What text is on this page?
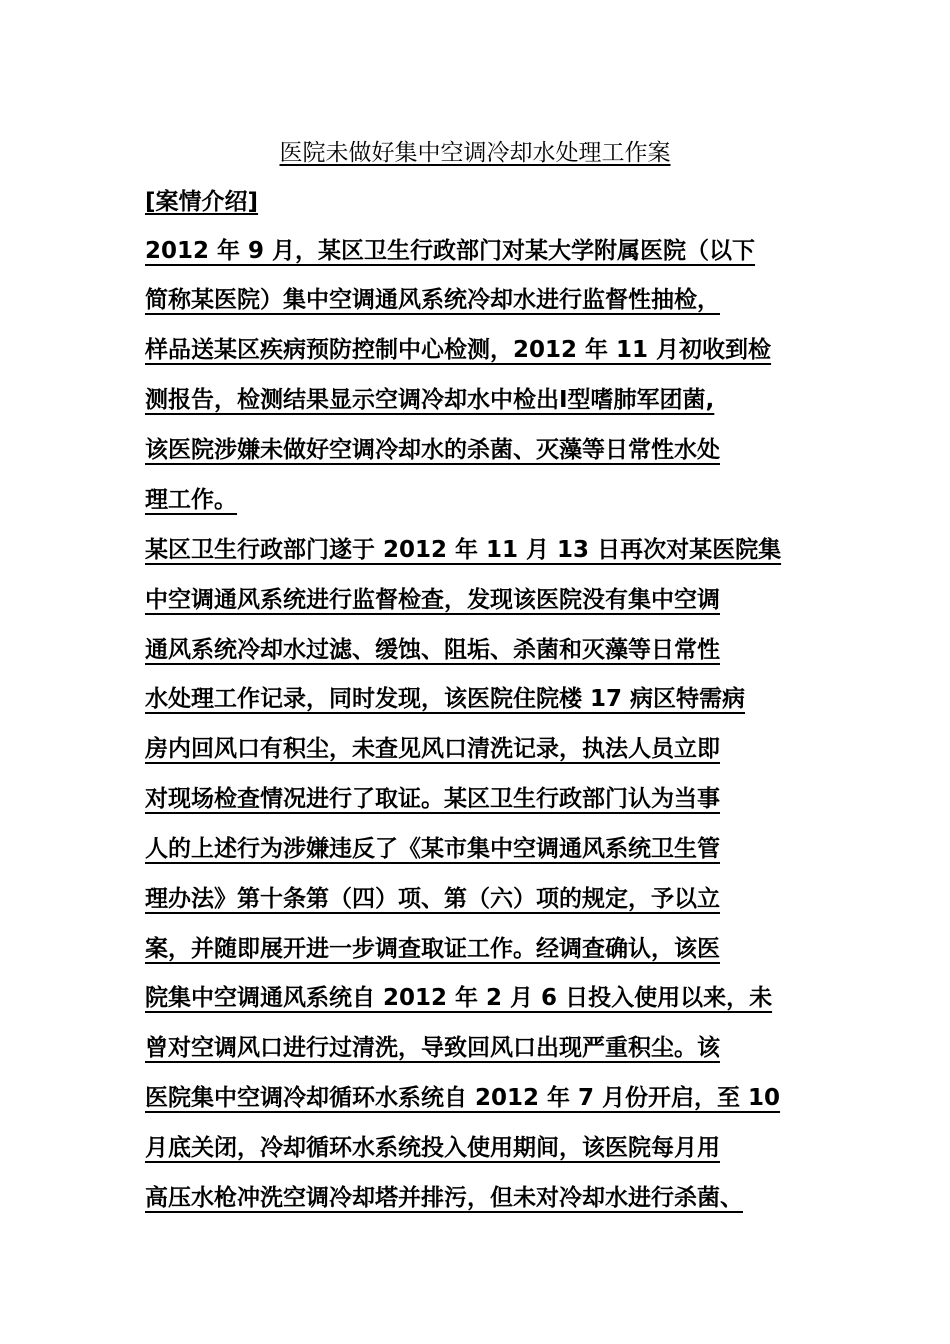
医院未做好集中空调冷却水处理工作案
[案情介绍]
2012 年 9 月，某区卫生行政部门对某大学附属医院（以下
简称某医院）集中空调通风系统冷却水进行监督性抽检，
样品送某区疾病预防控制中心检测，2012 年 11 月初收到检
测报告，检测结果显示空调冷却水中检出Ⅰ型嗜肺军团菌,
该医院涉嫌未做好空调冷却水的杀菌、灭藻等日常性水处
理工作。
某区卫生行政部门遂于 2012 年 11 月 13 日再次对某医院集
中空调通风系统进行监督检查，发现该医院没有集中空调
通风系统冷却水过滤、缓蚀、阻垢、杀菌和灭藻等日常性
水处理工作记录，同时发现，该医院住院楼 17 病区特需病
房内回风口有积尘，未查见风口清洗记录，执法人员立即
对现场检查情况进行了取证。某区卫生行政部门认为当事
人的上述行为涉嫌违反了《某市集中空调通风系统卫生管
理办法》第十条第（四）项、第（六）项的规定，予以立
案，并随即展开进一步调查取证工作。经调查确认，该医
院集中空调通风系统自 2012 年 2 月 6 日投入使用以来，未
曾对空调风口进行过清洗，导致回风口出现严重积尘。该
医院集中空调冷却循环水系统自 2012 年 7 月份开启，至 10
月底关闭，冷却循环水系统投入使用期间，该医院每月用
高压水枪冲洗空调冷却塔并排污，但未对冷却水进行杀菌、
